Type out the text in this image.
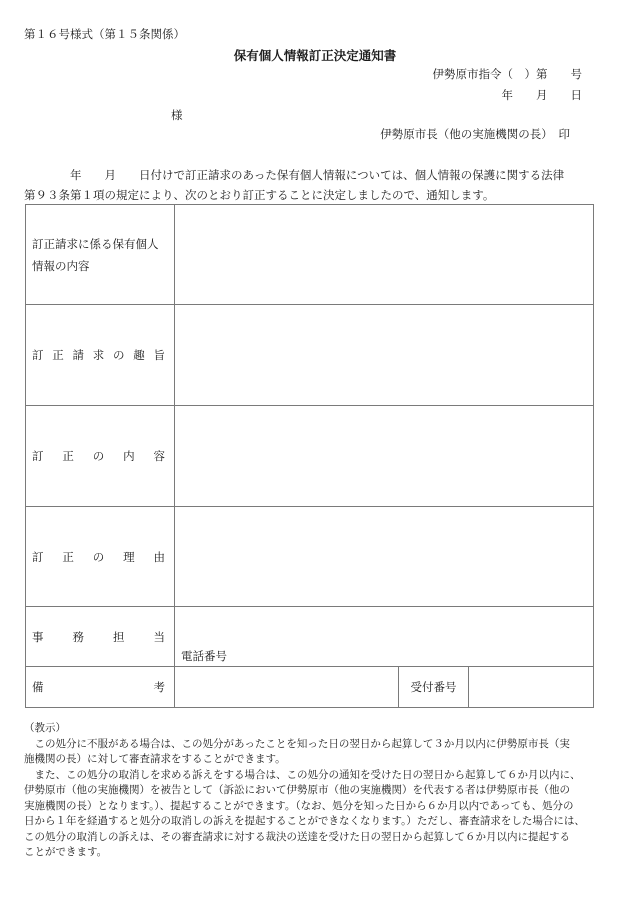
第１６号様式（第１５条関係）
保有個人情報訂正決定通知書
伊勢原市指令（　）第　　号
年　　月　　日
様
伊勢原市長（他の実施機関の長）　印
　　　　年　　月　　日付けで訂正請求のあった保有個人情報については、個人情報の保護に関する法律
第９３条第１項の規定により、次のとおり訂正することに決定しましたので、通知します。
訂正請求に係る保有個人
情報の内容			

訂 正 請 求 の 趣 旨

訂 正 の 内 容			

訂 正 の 理 由			

事 務 担 当	電話番号		

備 考		受付番号	
（教示）
　この処分に不服がある場合は、この処分があったことを知った日の翌日から起算して３か月以内に伊勢原市長（実
施機関の長）に対して審査請求をすることができます。
　また、この処分の取消しを求める訴えをする場合は、この処分の通知を受けた日の翌日から起算して６か月以内に、
伊勢原市（他の実施機関）を被告として（訴訟において伊勢原市（他の実施機関）を代表する者は伊勢原市長（他の
実施機関の長）となります。）、提起することができます。（なお、処分を知った日から６か月以内であっても、処分の
日から１年を経過すると処分の取消しの訴えを提起することができなくなります。）ただし、審査請求をした場合には、
この処分の取消しの訴えは、その審査請求に対する裁決の送達を受けた日の翌日から起算して６か月以内に提起する
ことができます。
